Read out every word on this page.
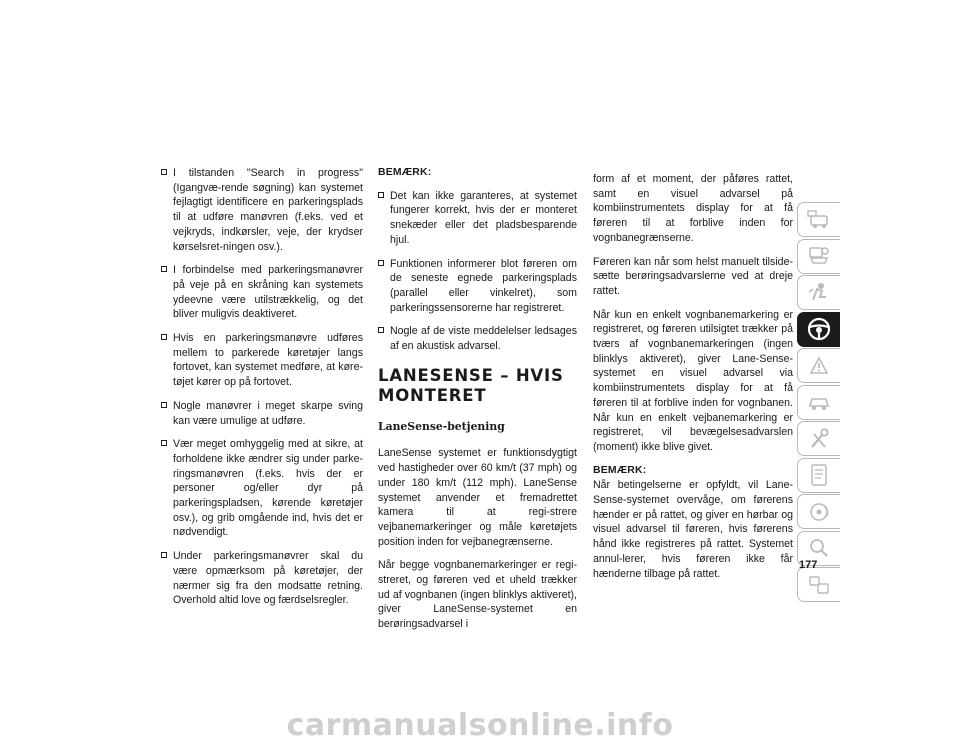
I tilstanden "Search in progress" (Igangvæ-rende søgning) kan systemet fejlagtigt identificere en parkeringsplads til at udføre manøvren (f.eks. ved et vejkryds, indkørsler, veje, der krydser kørselsret-ningen osv.).
I forbindelse med parkeringsmanøvrer på veje på en skråning kan systemets ydeevne være utilstrækkelig, og det bliver muligvis deaktiveret.
Hvis en parkeringsmanøvre udføres mellem to parkerede køretøjer langs fortovet, kan systemet medføre, at køre-tøjet kører op på fortovet.
Nogle manøvrer i meget skarpe sving kan være umulige at udføre.
Vær meget omhyggelig med at sikre, at forholdene ikke ændrer sig under parke-ringsmanøvren (f.eks. hvis der er personer og/eller dyr på parkeringspladsen, kørende køretøjer osv.), og grib omgående ind, hvis det er nødvendigt.
Under parkeringsmanøvrer skal du være opmærksom på køretøjer, der nærmer sig fra den modsatte retning. Overhold altid love og færdselsregler.

BEMÆRK:

Det kan ikke garanteres, at systemet fungerer korrekt, hvis der er monteret snekæder eller det pladsbesparende hjul.
Funktionen informerer blot føreren om de seneste egnede parkeringsplads (parallel eller vinkelret), som parkeringssensorerne har registreret.
Nogle af de viste meddelelser ledsages af en akustisk advarsel.
LANESENSE – HVIS MONTERET
LaneSense-betjening

LaneSense systemet er funktionsdygtigt ved hastigheder over 60 km/t (37 mph) og under 180 km/t (112 mph). LaneSense systemet anvender et fremadrettet kamera til at regi-strere vejbanemarkeringer og måle køretøjets position inden for vejbanegrænserne.

Når begge vognbanemarkeringer er regi-streret, og føreren ved et uheld trækker ud af vognbanen (ingen blinklys aktiveret), giver LaneSense-systemet en berøringsadvarsel i

form af et moment, der påføres rattet, samt en visuel advarsel på kombiinstrumentets display for at få føreren til at forblive inden for vognbanegrænserne.

Føreren kan når som helst manuelt tilside-sætte berøringsadvarslerne ved at dreje rattet.

Når kun en enkelt vognbanemarkering er registreret, og føreren utilsigtet trækker på tværs af vognbanemarkeringen (ingen blinklys aktiveret), giver Lane-Sense-systemet en visuel advarsel via kombiinstrumentets display for at få føreren til at forblive inden for vognbanen. Når kun en enkelt vejbanemarkering er registreret, vil bevægelsesadvarslen (moment) ikke blive givet.

BEMÆRK:

Når betingelserne er opfyldt, vil Lane-Sense-systemet overvåge, om førerens hænder er på rattet, og giver en hørbar og visuel advarsel til føreren, hvis førerens hånd ikke registreres på rattet. Systemet annul-lerer, hvis føreren ikke får hænderne tilbage på rattet.

177
carmanualsonline.info
